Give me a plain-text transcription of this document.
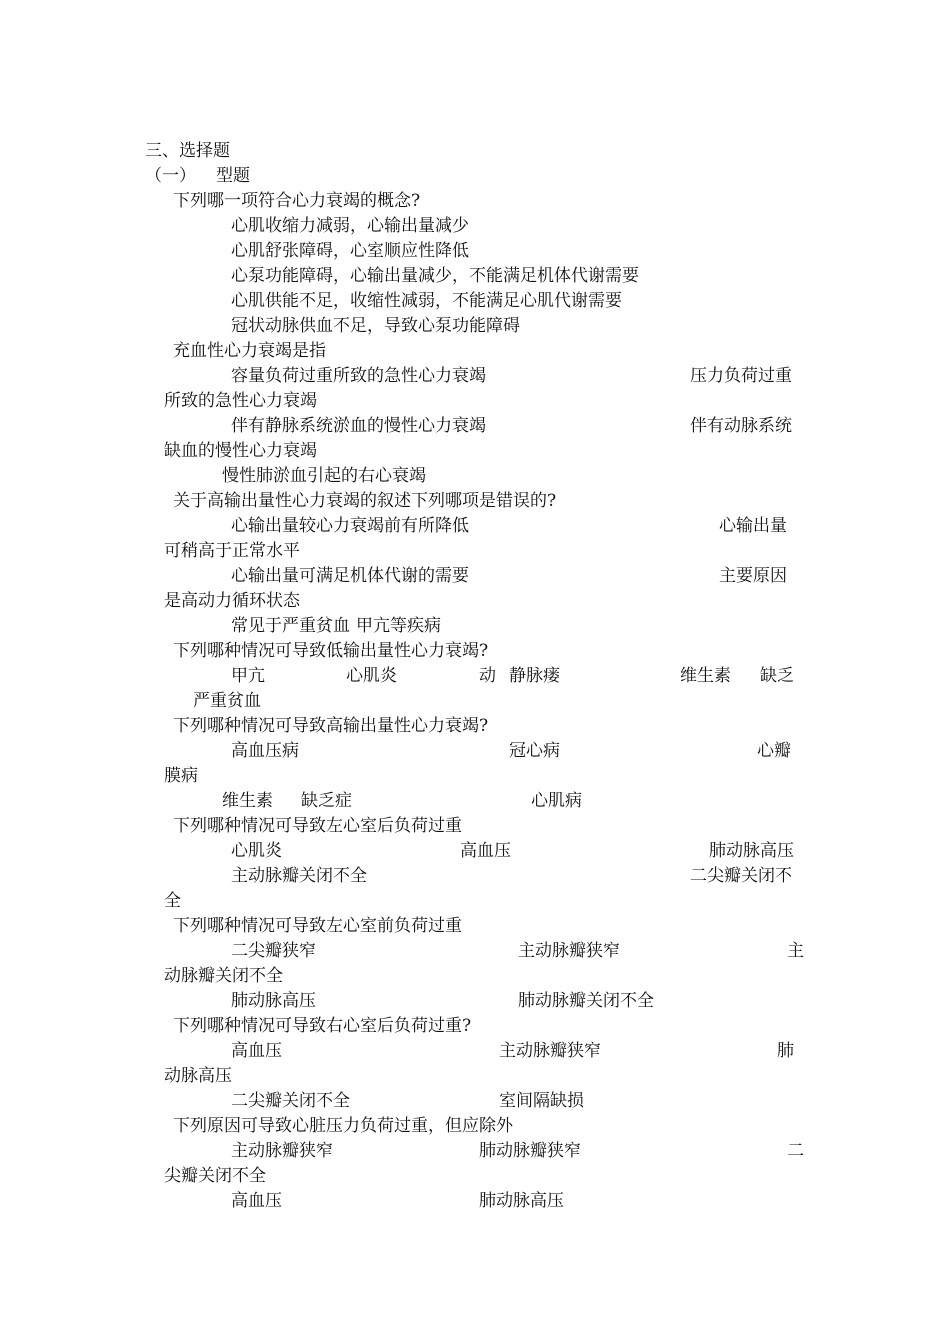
三、选择题
（一） 型题
下列哪一项符合心力衰竭的概念?
心肌收缩力减弱，心输出量减少
心肌舒张障碍，心室顺应性降低
心泵功能障碍，心输出量减少，不能满足机体代谢需要
心肌供能不足，收缩性减弱，不能满足心肌代谢需要
冠状动脉供血不足，导致心泵功能障碍
充血性心力衰竭是指
容量负荷过重所致的急性心力衰竭	压力负荷过重
所致的急性心力衰竭
伴有静脉系统淤血的慢性心力衰竭	伴有动脉系统
缺血的慢性心力衰竭
慢性肺淤血引起的右心衰竭
关于高输出量性心力衰竭的叙述下列哪项是错误的?
心输出量较心力衰竭前有所降低	心输出量
可稍高于正常水平
心输出量可满足机体代谢的需要	主要原因
是高动力循环状态
常见于严重贫血 甲亢等疾病
下列哪种情况可导致低输出量性心力衰竭?
甲亢	心肌炎	动 静脉瘘	维生素 缺乏
严重贫血
下列哪种情况可导致高输出量性心力衰竭?
高血压病	冠心病	心瓣
膜病
维生素 缺乏症	心肌病
下列哪种情况可导致左心室后负荷过重
心肌炎	高血压	肺动脉高压
主动脉瓣关闭不全	二尖瓣关闭不
全
下列哪种情况可导致左心室前负荷过重
二尖瓣狭窄	主动脉瓣狭窄	主
动脉瓣关闭不全
肺动脉高压	肺动脉瓣关闭不全
下列哪种情况可导致右心室后负荷过重?
高血压	主动脉瓣狭窄	肺
动脉高压
二尖瓣关闭不全	室间隔缺损
下列原因可导致心脏压力负荷过重，但应除外
主动脉瓣狭窄	肺动脉瓣狭窄	二
尖瓣关闭不全
高血压	肺动脉高压
